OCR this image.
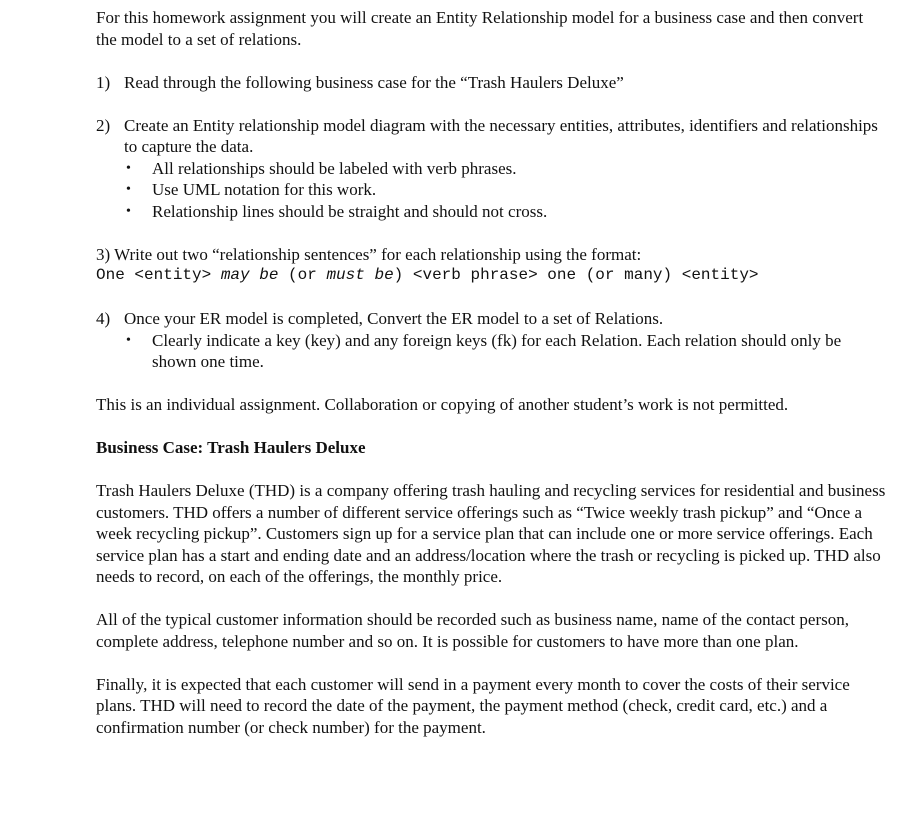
For this homework assignment you will create an Entity Relationship model for a business case and then convert the model to a set of relations.

1) Read through the following business case for the “Trash Haulers Deluxe”

2) Create an Entity relationship model diagram with the necessary entities, attributes, identifiers and relationships to capture the data.

• All relationships should be labeled with verb phrases.
• Use UML notation for this work.
• Relationship lines should be straight and should not cross.

3) Write out two “relationship sentences” for each relationship using the format:

One <entity> may be (or must be) <verb phrase> one (or many) <entity>

4) Once your ER model is completed, Convert the ER model to a set of Relations.

• Clearly indicate a key (key) and any foreign keys (fk) for each Relation. Each relation should only be shown one time.

This is an individual assignment. Collaboration or copying of another student’s work is not permitted.

Business Case: Trash Haulers Deluxe

Trash Haulers Deluxe (THD) is a company offering trash hauling and recycling services for residential and business customers. THD offers a number of different service offerings such as “Twice weekly trash pickup” and “Once a week recycling pickup”. Customers sign up for a service plan that can include one or more service offerings. Each service plan has a start and ending date and an address/location where the trash or recycling is picked up. THD also needs to record, on each of the offerings, the monthly price.

All of the typical customer information should be recorded such as business name, name of the contact person, complete address, telephone number and so on. It is possible for customers to have more than one plan.

Finally, it is expected that each customer will send in a payment every month to cover the costs of their service plans. THD will need to record the date of the payment, the payment method (check, credit card, etc.) and a confirmation number (or check number) for the payment.
